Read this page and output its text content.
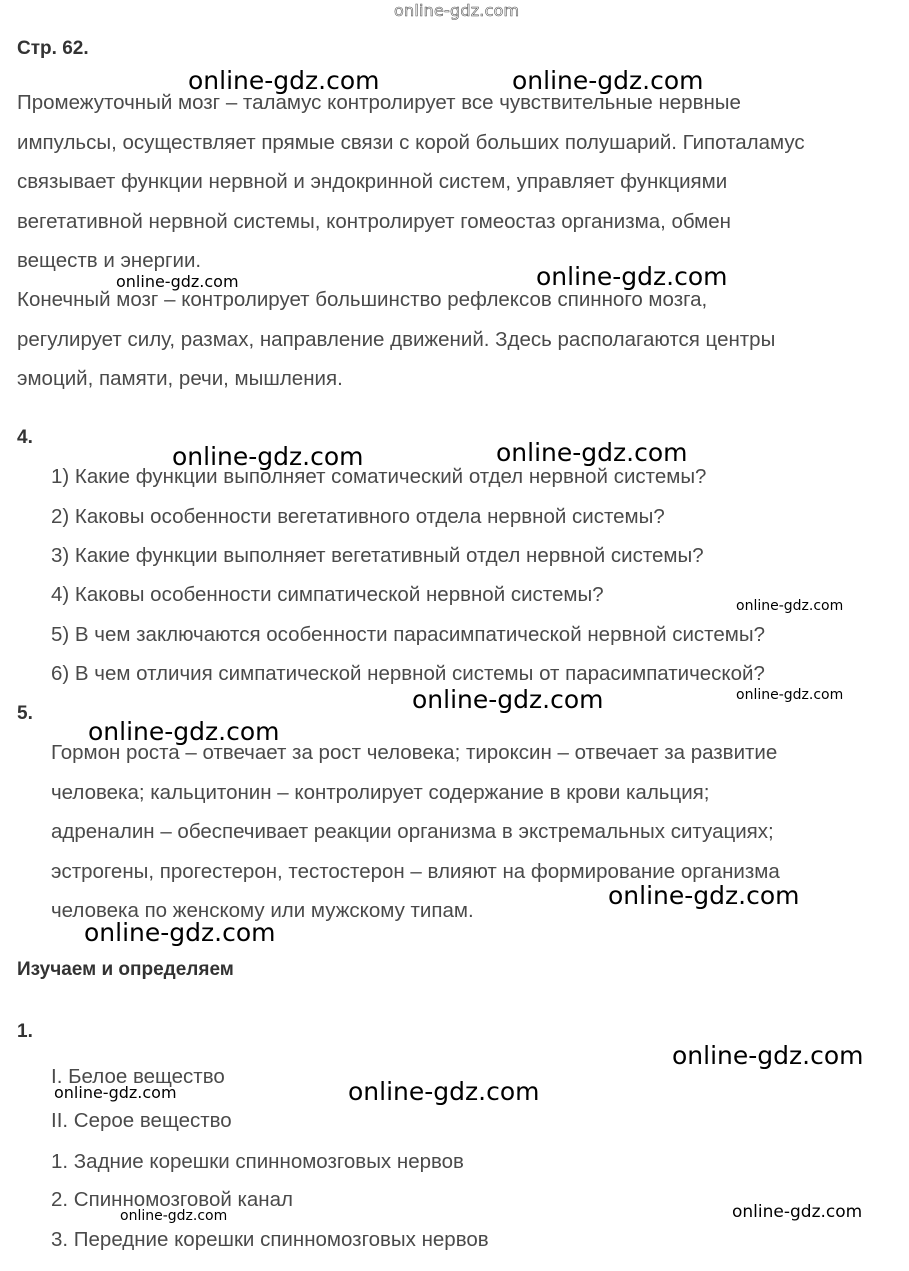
online-gdz.com
Стр. 62.
Промежуточный мозг – таламус контролирует все чувствительные нервные
импульсы, осуществляет прямые связи с корой больших полушарий. Гипоталамус
связывает функции нервной и эндокринной систем, управляет функциями
вегетативной нервной системы, контролирует гомеостаз организма, обмен
веществ и энергии.
Конечный мозг – контролирует большинство рефлексов спинного мозга,
регулирует силу, размах, направление движений. Здесь располагаются центры
эмоций, памяти, речи, мышления.
4.
1) Какие функции выполняет соматический отдел нервной системы?
2) Каковы особенности вегетативного отдела нервной системы?
3) Какие функции выполняет вегетативный отдел нервной системы?
4) Каковы особенности симпатической нервной системы?
5) В чем заключаются особенности парасимпатической нервной системы?
6) В чем отличия симпатической нервной системы от парасимпатической?
5.
Гормон роста – отвечает за рост человека; тироксин – отвечает за развитие
человека; кальцитонин – контролирует содержание в крови кальция;
адреналин – обеспечивает реакции организма в экстремальных ситуациях;
эстрогены, прогестерон, тестостерон – влияют на формирование организма
человека по женскому или мужскому типам.
Изучаем и определяем
1.
I. Белое вещество
II. Серое вещество
1. Задние корешки спинномозговых нервов
2. Спинномозговой канал
3. Передние корешки спинномозговых нервов
online-gdz.com	online-gdz.com
online-gdz.com
online-gdz.com	online-gdz.com
online-gdz.com
online-gdz.com
online-gdz.com
online-gdz.com
online-gdz.com
online-gdz.com
online-gdz.com
online-gdz.com
online-gdz.com
online-gdz.com
online-gdz.com	online-gdz.com
